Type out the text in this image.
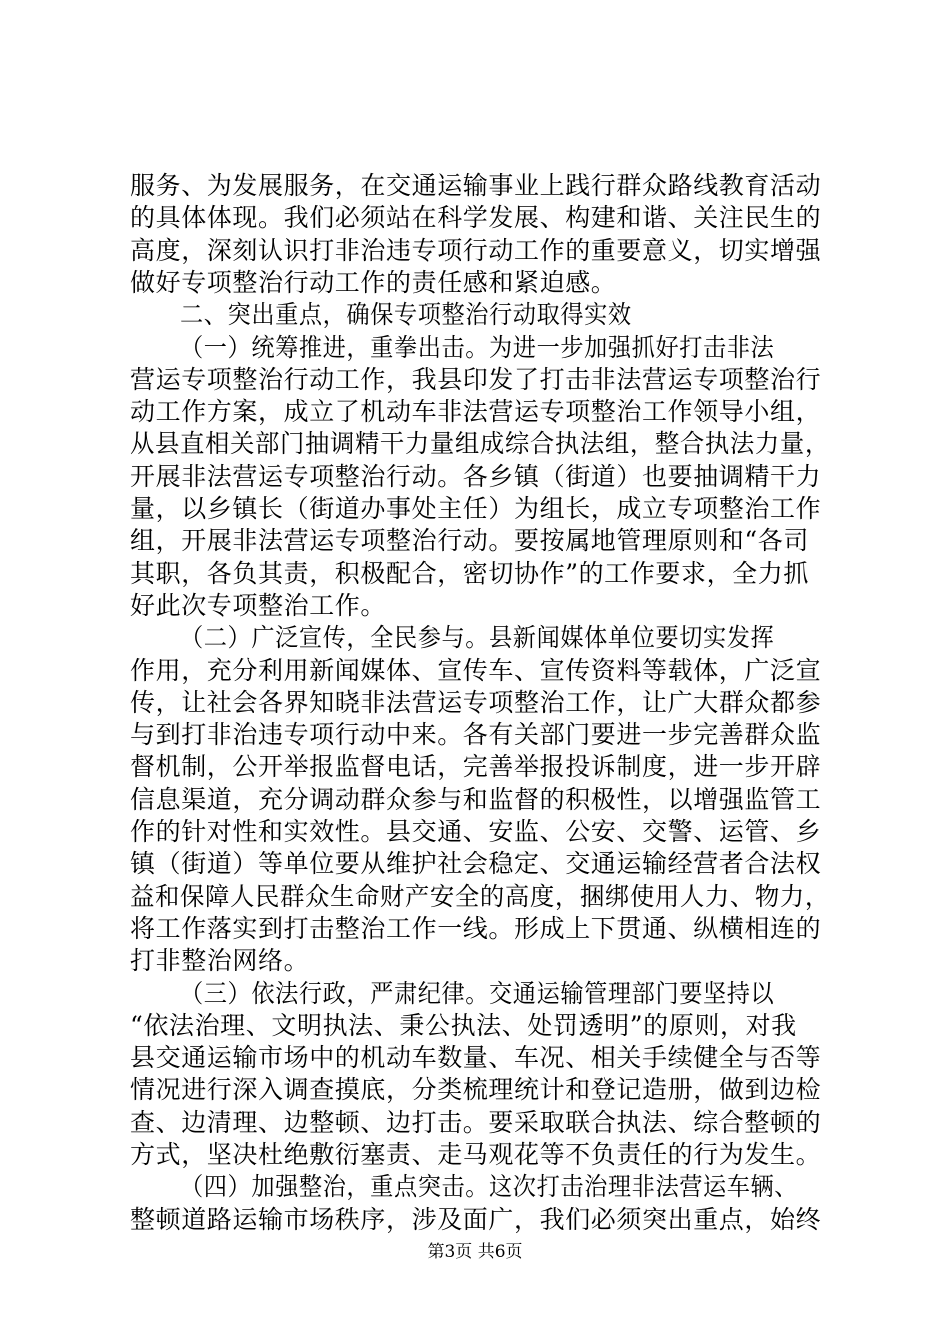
服务、为发展服务，在交通运输事业上践行群众路线教育活动
的具体体现。我们必须站在科学发展、构建和谐、关注民生的
高度，深刻认识打非治违专项行动工作的重要意义，切实增强
做好专项整治行动工作的责任感和紧迫感。
二、突出重点，确保专项整治行动取得实效
（一）统筹推进，重拳出击。为进一步加强抓好打击非法
营运专项整治行动工作，我县印发了打击非法营运专项整治行
动工作方案，成立了机动车非法营运专项整治工作领导小组，
从县直相关部门抽调精干力量组成综合执法组，整合执法力量，
开展非法营运专项整治行动。各乡镇（街道）也要抽调精干力
量，以乡镇长（街道办事处主任）为组长，成立专项整治工作
组，开展非法营运专项整治行动。要按属地管理原则和“各司
其职，各负其责，积极配合，密切协作”的工作要求，全力抓
好此次专项整治工作。
（二）广泛宣传，全民参与。县新闻媒体单位要切实发挥
作用，充分利用新闻媒体、宣传车、宣传资料等载体，广泛宣
传，让社会各界知晓非法营运专项整治工作，让广大群众都参
与到打非治违专项行动中来。各有关部门要进一步完善群众监
督机制，公开举报监督电话，完善举报投诉制度，进一步开辟
信息渠道，充分调动群众参与和监督的积极性，以增强监管工
作的针对性和实效性。县交通、安监、公安、交警、运管、乡
镇（街道）等单位要从维护社会稳定、交通运输经营者合法权
益和保障人民群众生命财产安全的高度，捆绑使用人力、物力，
将工作落实到打击整治工作一线。形成上下贯通、纵横相连的
打非整治网络。
（三）依法行政，严肃纪律。交通运输管理部门要坚持以
“依法治理、文明执法、秉公执法、处罚透明”的原则，对我
县交通运输市场中的机动车数量、车况、相关手续健全与否等
情况进行深入调查摸底，分类梳理统计和登记造册，做到边检
查、边清理、边整顿、边打击。要采取联合执法、综合整顿的
方式，坚决杜绝敷衍塞责、走马观花等不负责任的行为发生。
（四）加强整治，重点突击。这次打击治理非法营运车辆、
整顿道路运输市场秩序，涉及面广，我们必须突出重点，始终
第3页 共6页
